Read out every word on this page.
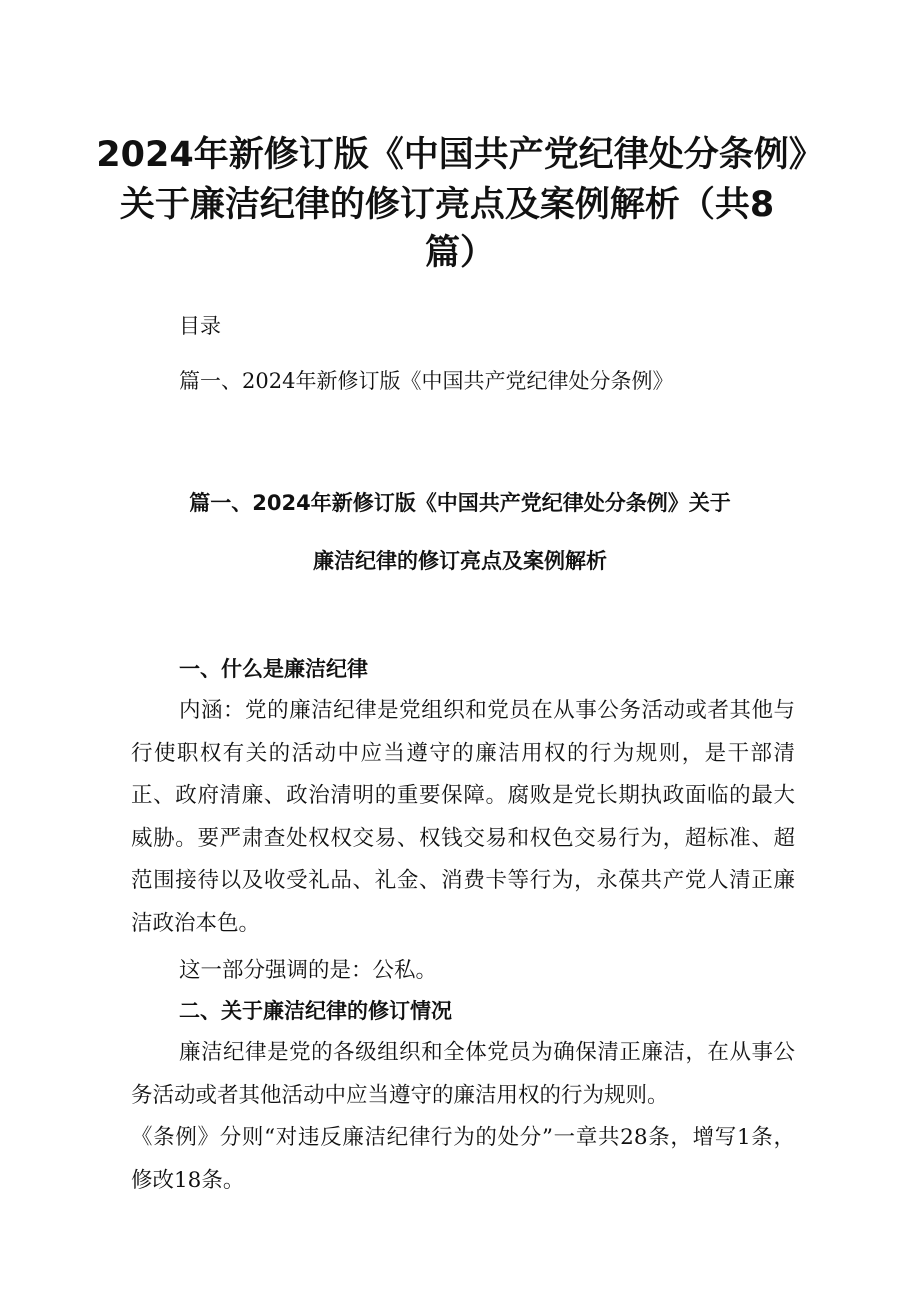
2024年新修订版《中国共产党纪律处分条例》
关于廉洁纪律的修订亮点及案例解析（共8
篇）
目录
篇一、2024年新修订版《中国共产党纪律处分条例》
篇一、2024年新修订版《中国共产党纪律处分条例》关于
廉洁纪律的修订亮点及案例解析
一、什么是廉洁纪律
内涵：党的廉洁纪律是党组织和党员在从事公务活动或者其他与行使职权有关的活动中应当遵守的廉洁用权的行为规则，是干部清正、政府清廉、政治清明的重要保障。腐败是党长期执政面临的最大威胁。要严肃查处权权交易、权钱交易和权色交易行为，超标准、超范围接待以及收受礼品、礼金、消费卡等行为，永葆共产党人清正廉洁政治本色。
这一部分强调的是：公私。
二、关于廉洁纪律的修订情况
廉洁纪律是党的各级组织和全体党员为确保清正廉洁，在从事公务活动或者其他活动中应当遵守的廉洁用权的行为规则。
《条例》分则“对违反廉洁纪律行为的处分”一章共28条，增写1条，修改18条。
